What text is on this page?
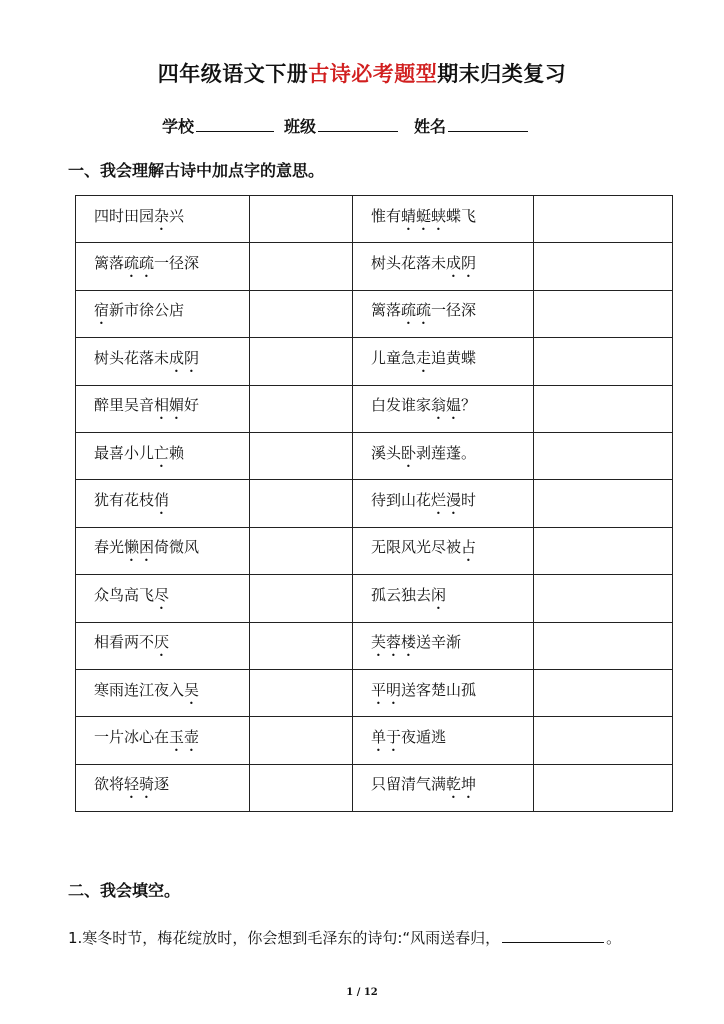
四年级语文下册古诗必考题型期末归类复习
学校	班级	姓名
一、我会理解古诗中加点字的意思。
四时田园杂兴		惟有蜻蜓蛱蝶飞	
篱落疏疏一径深		树头花落未成阴	
宿新市徐公店		篱落疏疏一径深	
树头花落未成阴		儿童急走追黄蝶	
醉里吴音相媚好		白发谁家翁媪？	
最喜小儿亡赖		溪头卧剥莲蓬。	
犹有花枝俏		待到山花烂漫时	
春光懒困倚微风		无限风光尽被占	
众鸟高飞尽		孤云独去闲	
相看两不厌		芙蓉楼送辛渐	
寒雨连江夜入吴		平明送客楚山孤	
一片冰心在玉壶		单于夜遁逃	
欲将轻骑逐		只留清气满乾坤	
二、我会填空。
1.寒冬时节，梅花绽放时，你会想到毛泽东的诗句:“风雨送春归，	。
1 / 12
